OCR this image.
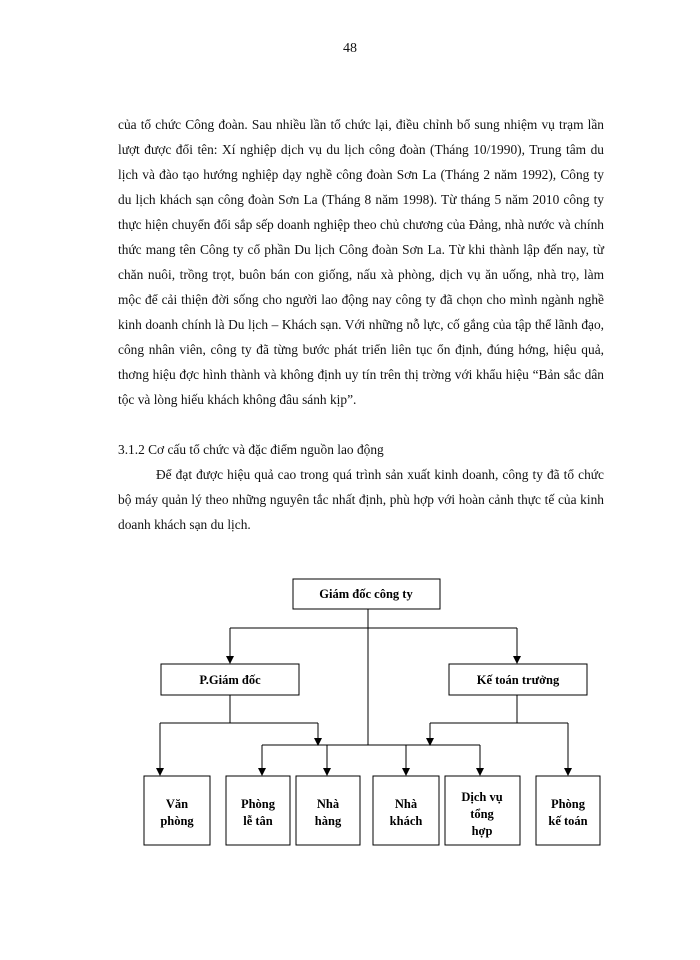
48
của tổ chức Công đoàn. Sau nhiều lần tổ chức lại, điều chỉnh bổ sung nhiệm vụ trạm lần lượt được đổi tên: Xí nghiệp dịch vụ du lịch công đoàn (Tháng 10/1990), Trung tâm du lịch và đào tạo hướng nghiệp dạy nghề công đoàn Sơn La (Tháng 2 năm 1992), Công ty du lịch khách sạn công đoàn Sơn La (Tháng 8 năm 1998). Từ tháng 5 năm 2010 công ty thực hiện chuyển đổi sắp sếp doanh nghiệp theo chủ chương của Đảng, nhà nước và chính thức mang tên Công ty cổ phần Du lịch Công đoàn Sơn La. Từ khi thành lập đến nay, từ chăn nuôi, trồng trọt, buôn bán con giống, nấu xà phòng, dịch vụ ăn uống, nhà trọ, làm mộc để cải thiện đời sống cho người lao động nay công ty đã chọn cho mình ngành nghề kinh doanh chính là Du lịch – Khách sạn. Với những nỗ lực, cố gắng của tập thể lãnh đạo, công nhân viên, công ty đã từng bước phát triển liên tục ổn định, đúng hớng, hiệu quả, thơng hiệu đợc hình thành và không định uy tín trên thị trờng với khẩu hiệu “Bản sắc dân tộc và lòng hiếu khách không đâu sánh kịp”.
3.1.2 Cơ cấu tổ chức và đặc điểm nguồn lao động
Để đạt được hiệu quả cao trong quá trình sản xuất kinh doanh, công ty đã tổ chức bộ máy quản lý theo những nguyên tắc nhất định, phù hợp với hoàn cảnh thực tế của kinh doanh khách sạn du lịch.
Giám đốc công ty
P.Giám đốc	Kế toán trưởng
Văn
phòng
Phòng
lễ tân
Nhà
hàng
Nhà
khách
Dịch vụ
tổng
hợp
Phòng
kế toán
